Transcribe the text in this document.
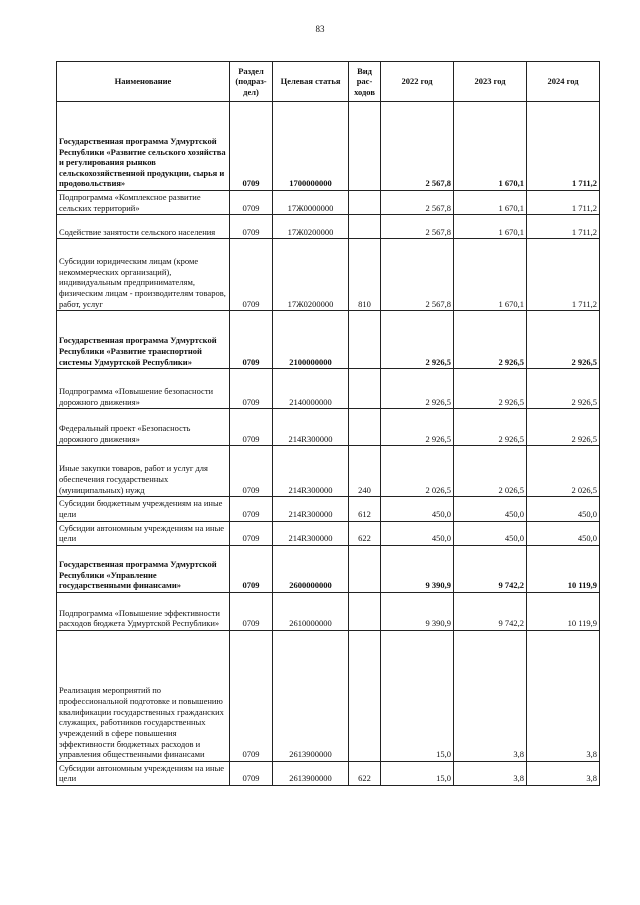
83
Наименование	Раздел (подраз-дел)	Целевая статья	Вид рас-ходов	2022 год	2023 год	2024 год
Государственная программа Удмуртской Республики «Развитие сельского хозяйства и регулирования рынков сельскохозяйственной продукции, сырья и продовольствия»	0709	1700000000		2 567,8	1 670,1	1 711,2
Подпрограмма «Комплексное развитие сельских территорий»	0709	17Ж0000000		2 567,8	1 670,1	1 711,2
Содействие занятости сельского населения	0709	17Ж0200000		2 567,8	1 670,1	1 711,2
Субсидии юридическим лицам (кроме некоммерческих организаций), индивидуальным предпринимателям, физическим лицам - производителям товаров, работ, услуг	0709	17Ж0200000	810	2 567,8	1 670,1	1 711,2
Государственная программа Удмуртской Республики «Развитие транспортной системы Удмуртской Республики»	0709	2100000000		2 926,5	2 926,5	2 926,5
Подпрограмма «Повышение безопасности дорожного движения»	0709	2140000000		2 926,5	2 926,5	2 926,5
Федеральный проект «Безопасность дорожного движения»	0709	214R300000		2 926,5	2 926,5	2 926,5
Иные закупки товаров, работ и услуг для обеспечения государственных (муниципальных) нужд	0709	214R300000	240	2 026,5	2 026,5	2 026,5
Субсидии бюджетным учреждениям на иные цели	0709	214R300000	612	450,0	450,0	450,0
Субсидии автономным учреждениям на иные цели	0709	214R300000	622	450,0	450,0	450,0
Государственная программа Удмуртской Республики «Управление государственными финансами»	0709	2600000000		9 390,9	9 742,2	10 119,9
Подпрограмма «Повышение эффективности расходов бюджета Удмуртской Республики»	0709	2610000000		9 390,9	9 742,2	10 119,9
Реализация мероприятий по профессиональной подготовке и повышению квалификации государственных гражданских служащих, работников государственных учреждений в сфере повышения эффективности бюджетных расходов и управления общественными финансами	0709	2613900000		15,0	3,8	3,8
Субсидии автономным учреждениям на иные цели	0709	2613900000	622	15,0	3,8	3,8
